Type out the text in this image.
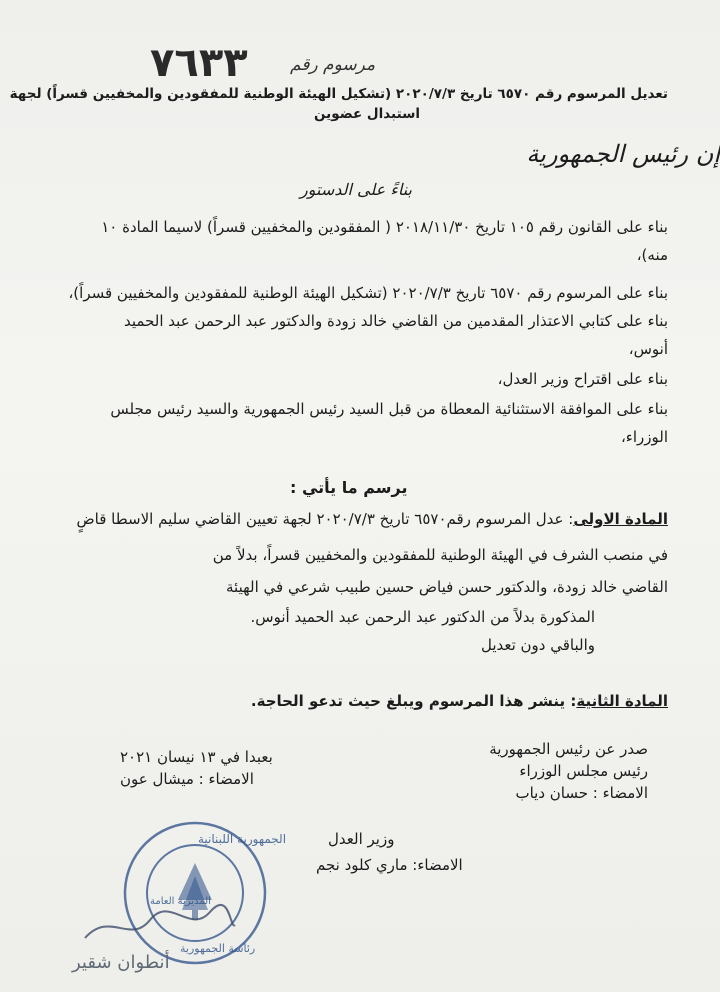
٧٦٣٣	مرسوم رقم
تعديل المرسوم رقم ٦٥٧٠ تاريخ ٢٠٢٠/٧/٣ (تشكيل الهيئة الوطنية للمفقودين والمخفيين قسراً) لجهة
استبدال عضوين
إن رئيس الجمهورية
بناءً على الدستور
بناء على القانون رقم ١٠٥ تاريخ ٢٠١٨/١١/٣٠ ( المفقودين والمخفيين قسراً) لاسيما المادة ١٠
منه)،
بناء على المرسوم رقم ٦٥٧٠ تاريخ ٢٠٢٠/٧/٣ (تشكيل الهيئة الوطنية للمفقودين والمخفيين قسراً)،
بناء على كتابي الاعتذار المقدمين من القاضي خالد زودة والدكتور عبد الرحمن عبد الحميد
أنوس،
بناء على اقتراح وزير العدل،
بناء على الموافقة الاستثنائية المعطاة من قبل السيد رئيس الجمهورية والسيد رئيس مجلس
الوزراء،
يرسم ما يأتي :
المادة الاولى: عدل المرسوم رقم٦٥٧٠ تاريخ ٢٠٢٠/٧/٣ لجهة تعيين القاضي سليم الاسطا قاضٍ
في منصب الشرف في الهيئة الوطنية للمفقودين والمخفيين قسراً، بدلاً من
القاضي خالد زودة، والدكتور حسن فياض حسين طبيب شرعي في الهيئة
المذكورة بدلاً من الدكتور عبد الرحمن عبد الحميد أنوس.
والباقي دون تعديل
المادة الثانية: ينشر هذا المرسوم ويبلغ حيث تدعو الحاجة.
صدر عن رئيس الجمهورية
رئيس مجلس الوزراء
الامضاء : حسان دياب
بعبدا في ١٣ نيسان ٢٠٢١
الامضاء : ميشال عون
وزير العدل
الامضاء: ماري كلود نجم
الجمهورية اللبنانية
المديرية العامة
رئاسة الجمهورية
أنطوان شقير
